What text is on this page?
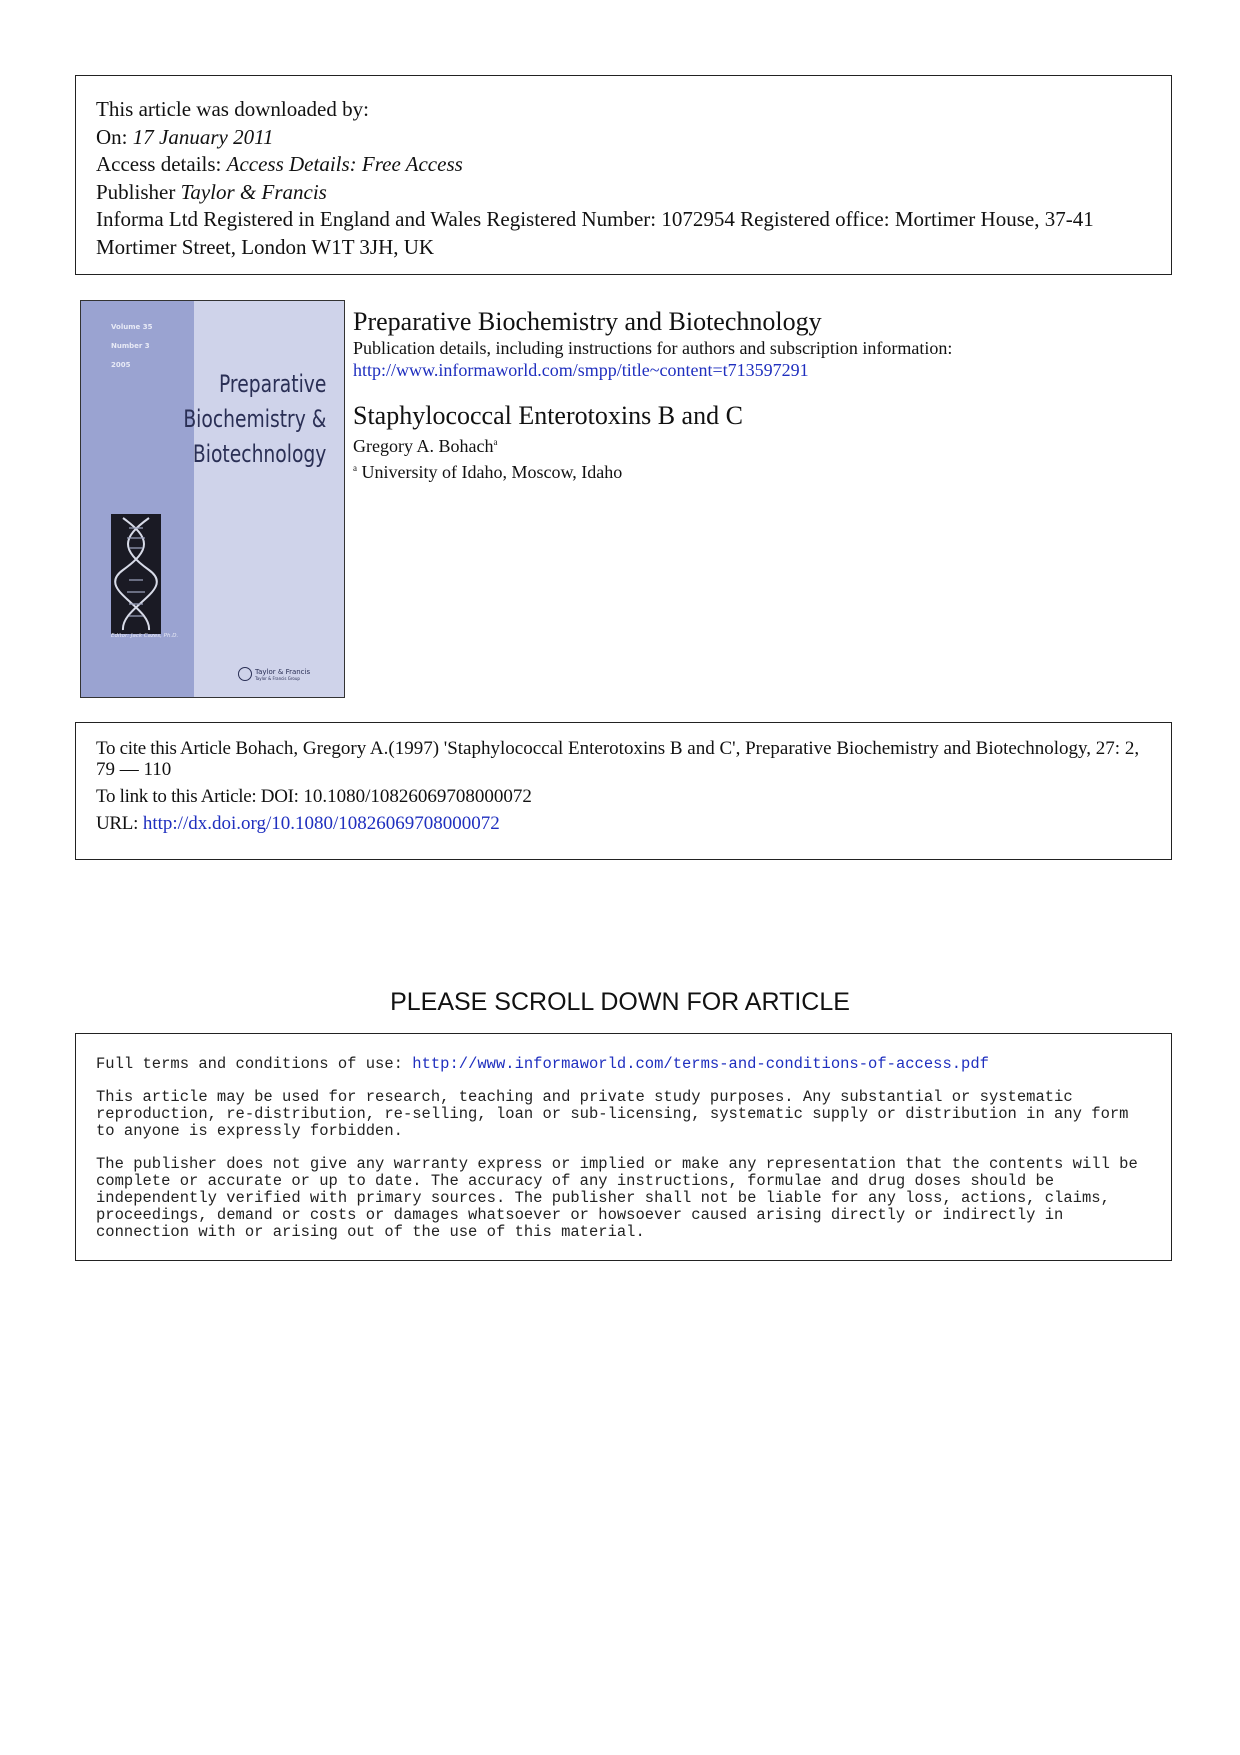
This article was downloaded by:
On: 17 January 2011
Access details: Access Details: Free Access
Publisher Taylor & Francis
Informa Ltd Registered in England and Wales Registered Number: 1072954 Registered office: Mortimer House, 37-41 Mortimer Street, London W1T 3JH, UK
Volume 35
Number 3
2005
Preparative
Biochemistry &
Biotechnology
Editor: Jack Cazes, Ph.D.
Taylor & Francis
Taylor & Francis Group
Preparative Biochemistry and Biotechnology
Publication details, including instructions for authors and subscription information:
http://www.informaworld.com/smpp/title~content=t713597291
Staphylococcal Enterotoxins B and C
Gregory A. Bohach$^a$
$^a$ University of Idaho, Moscow, Idaho
To cite this Article Bohach, Gregory A.(1997) 'Staphylococcal Enterotoxins B and C', Preparative Biochemistry and Biotechnology, 27: 2, 79 — 110
To link to this Article: DOI: 10.1080/10826069708000072
URL: http://dx.doi.org/10.1080/10826069708000072
PLEASE SCROLL DOWN FOR ARTICLE

Full terms and conditions of use: http://www.informaworld.com/terms-and-conditions-of-access.pdf

This article may be used for research, teaching and private study purposes. Any substantial or systematic reproduction, re-distribution, re-selling, loan or sub-licensing, systematic supply or distribution in any form to anyone is expressly forbidden.

The publisher does not give any warranty express or implied or make any representation that the contents will be complete or accurate or up to date. The accuracy of any instructions, formulae and drug doses should be independently verified with primary sources. The publisher shall not be liable for any loss, actions, claims, proceedings, demand or costs or damages whatsoever or howsoever caused arising directly or indirectly in connection with or arising out of the use of this material.
